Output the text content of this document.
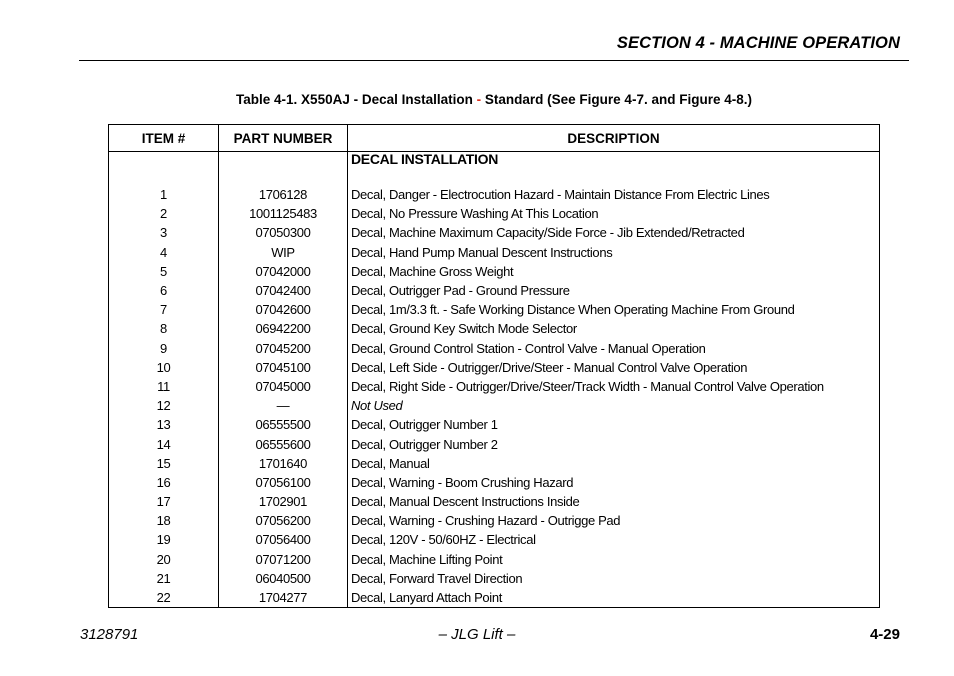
SECTION 4 - MACHINE OPERATION
Table 4-1. X550AJ - Decal Installation - Standard (See Figure 4-7. and Figure 4-8.)
ITEM #	PART NUMBER	DESCRIPTION
		DECAL INSTALLATION
1	1706128	Decal, Danger - Electrocution Hazard - Maintain Distance From Electric Lines
2	1001125483	Decal, No Pressure Washing At This Location
3	07050300	Decal, Machine Maximum Capacity/Side Force - Jib Extended/Retracted
4	WIP	Decal, Hand Pump Manual Descent Instructions
5	07042000	Decal, Machine Gross Weight
6	07042400	Decal, Outrigger Pad - Ground Pressure
7	07042600	Decal, 1m/3.3 ft. - Safe Working Distance When Operating Machine From Ground
8	06942200	Decal, Ground Key Switch Mode Selector
9	07045200	Decal, Ground Control Station - Control Valve - Manual Operation
10	07045100	Decal, Left Side - Outrigger/Drive/Steer - Manual Control Valve Operation
11	07045000	Decal, Right Side - Outrigger/Drive/Steer/Track Width - Manual Control Valve Operation
12	—	Not Used
13	06555500	Decal, Outrigger Number 1
14	06555600	Decal, Outrigger Number 2
15	1701640	Decal, Manual
16	07056100	Decal, Warning - Boom Crushing Hazard
17	1702901	Decal, Manual Descent Instructions Inside
18	07056200	Decal, Warning - Crushing Hazard - Outrigge Pad
19	07056400	Decal, 120V - 50/60HZ - Electrical
20	07071200	Decal, Machine Lifting Point
21	06040500	Decal, Forward Travel Direction
22	1704277	Decal, Lanyard Attach Point
3128791	– JLG Lift –	4-29
